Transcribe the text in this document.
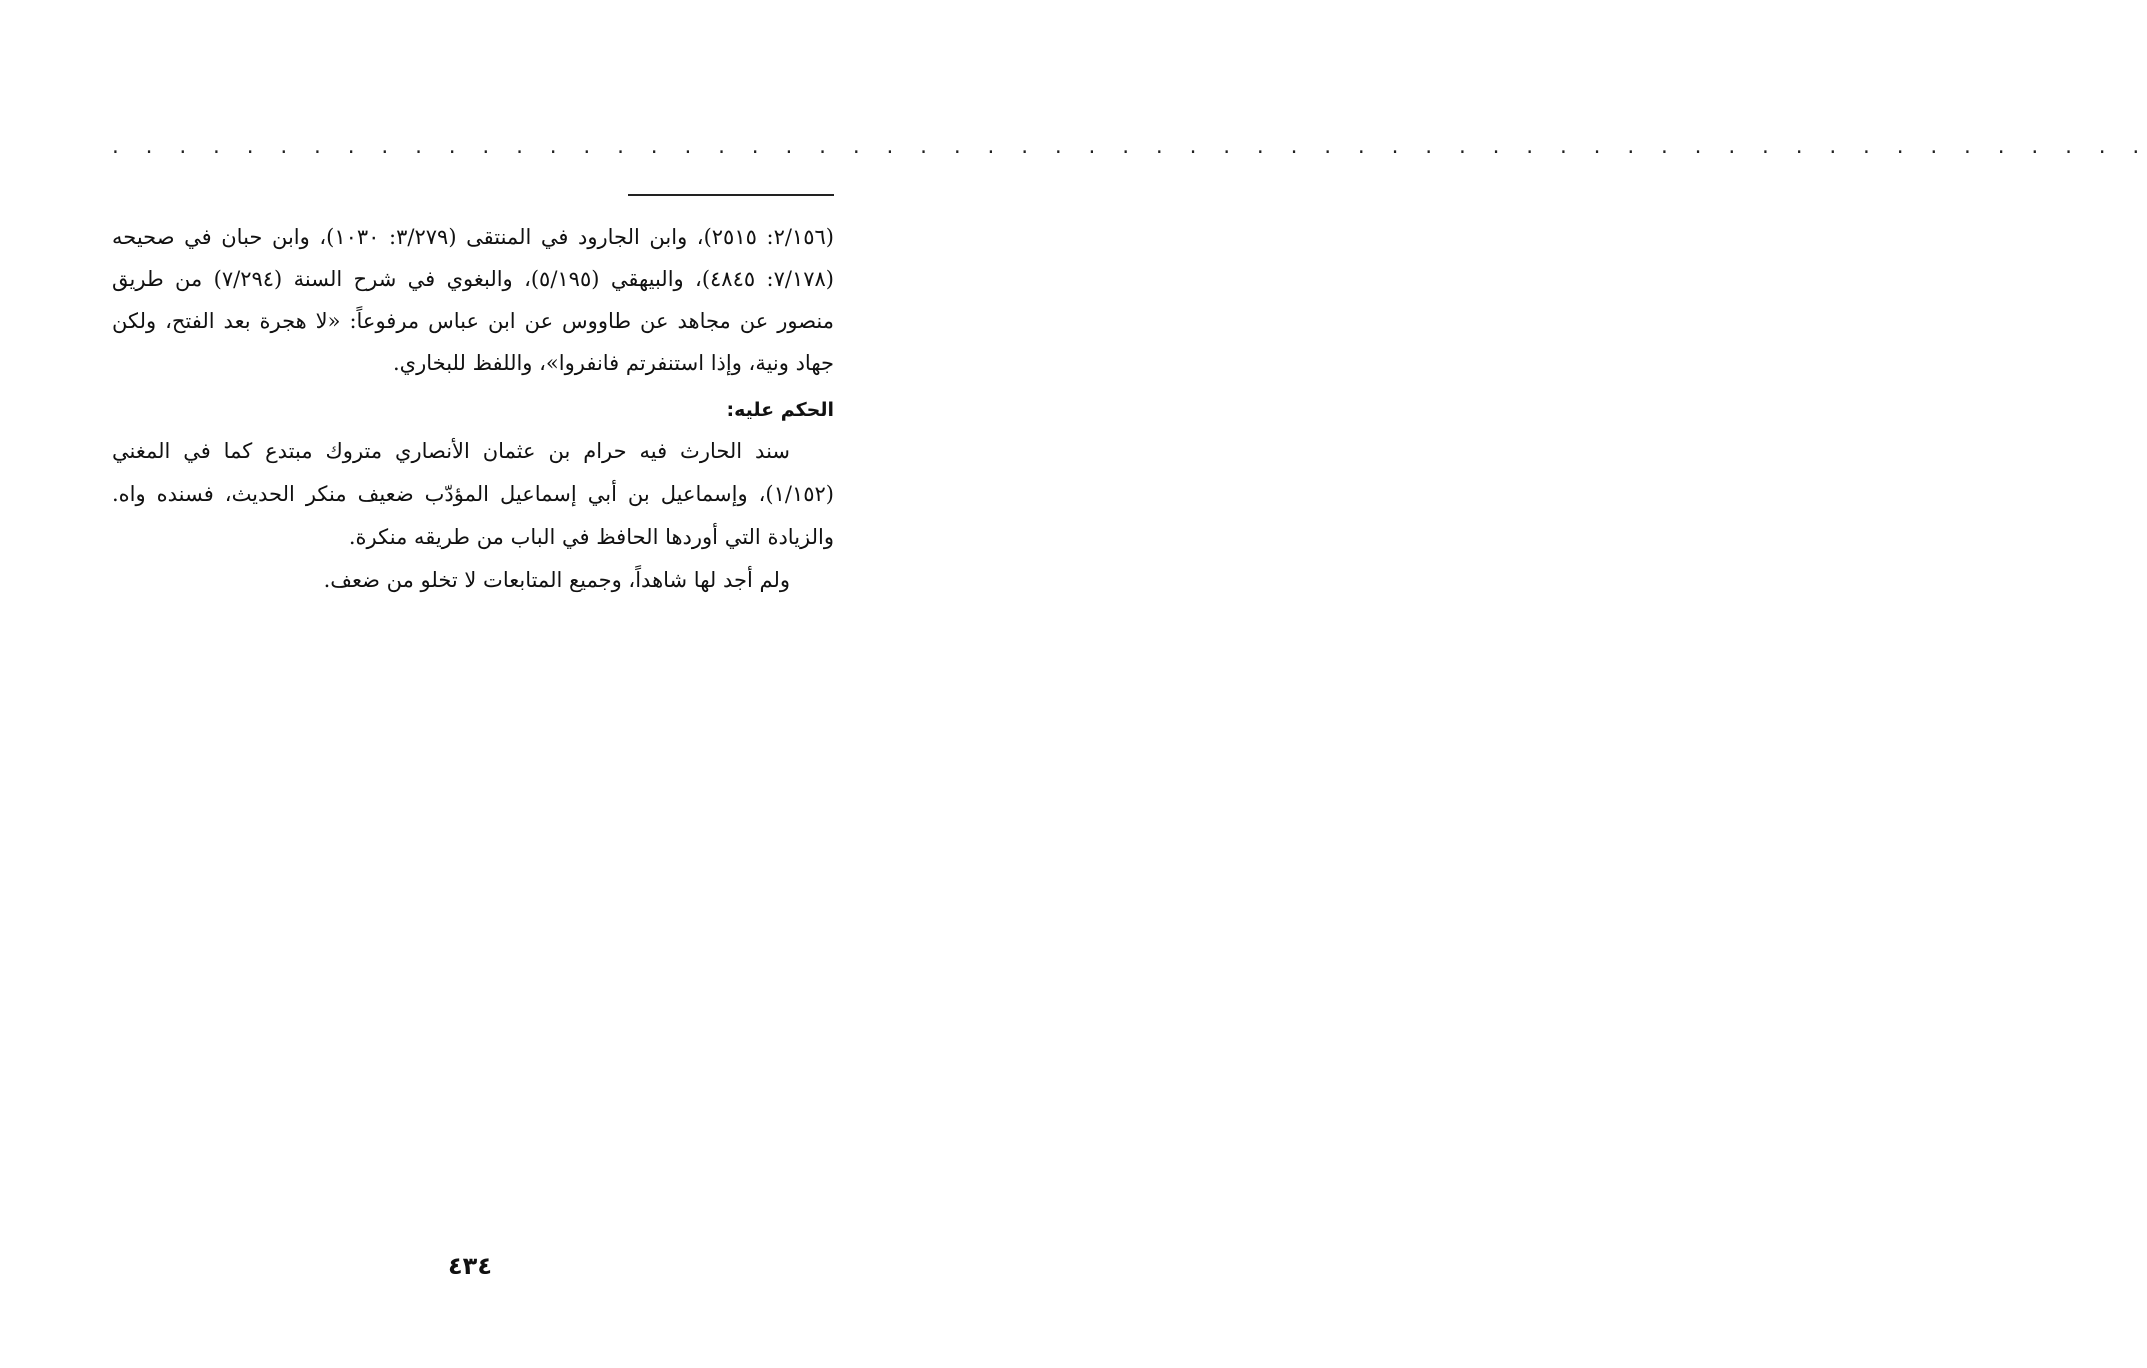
. . . . . . . . . . . . . . . . . . . . . . . . . . . . . . . . . . . . . . . . . . . . . . . . . . . . . . . . . . . . .

(٢/١٥٦: ٢٥١٥)، وابن الجارود في المنتقى (٣/٢٧٩: ١٠٣٠)، وابن حبان في صحيحه (٧/١٧٨: ٤٨٤٥)، والبيهقي (٥/١٩٥)، والبغوي في شرح السنة (٧/٢٩٤) من طريق منصور عن مجاهد عن طاووس عن ابن عباس مرفوعاً: «لا هجرة بعد الفتح، ولكن جهاد ونية، وإذا استنفرتم فانفروا»، واللفظ للبخاري.

الحكم عليه:

سند الحارث فيه حرام بن عثمان الأنصاري متروك مبتدع كما في المغني (١/١٥٢)، وإسماعيل بن أبي إسماعيل المؤدّب ضعيف منكر الحديث، فسنده واه. والزيادة التي أوردها الحافظ في الباب من طريقه منكرة.

ولم أجد لها شاهداً، وجميع المتابعات لا تخلو من ضعف.

٤٣٤
